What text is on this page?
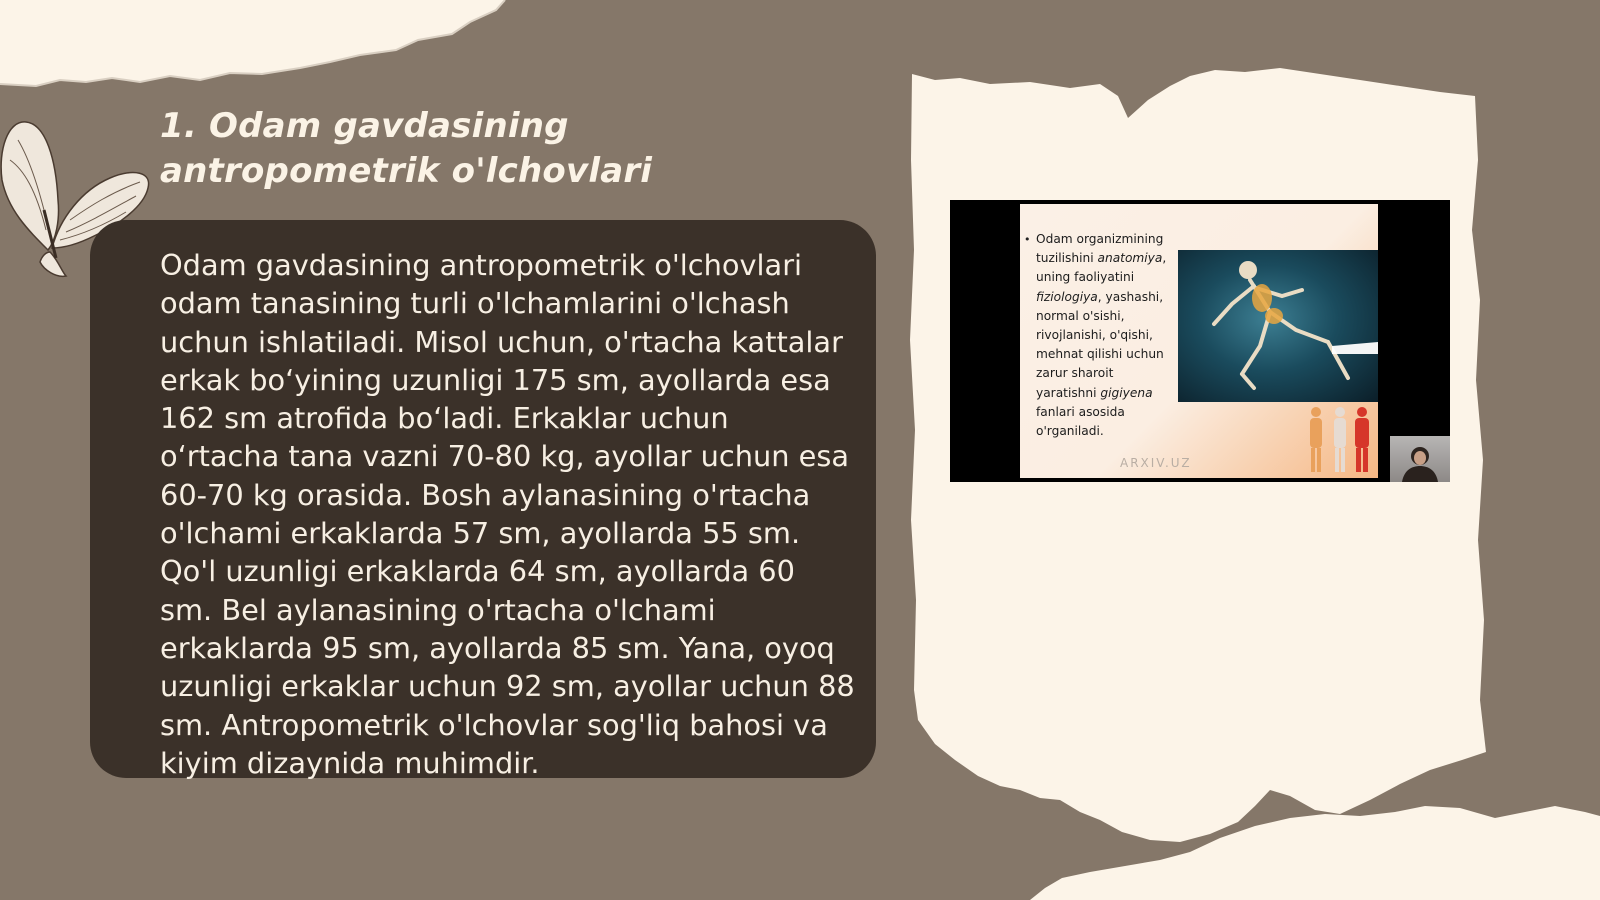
1. Odam gavdasining antropometrik o'lchovlari

Odam gavdasining antropometrik o'lchovlari odam tanasining turli o'lchamlarini o'lchash uchun ishlatiladi. Misol uchun, o'rtacha kattalar erkak bo‘yining uzunligi 175 sm, ayollarda esa 162 sm atrofida bo‘ladi. Erkaklar uchun o‘rtacha tana vazni 70-80 kg, ayollar uchun esa 60-70 kg orasida. Bosh aylanasining o'rtacha o'lchami erkaklarda 57 sm, ayollarda 55 sm. Qo'l uzunligi erkaklarda 64 sm, ayollarda 60 sm. Bel aylanasining o'rtacha o'lchami erkaklarda 95 sm, ayollarda 85 sm. Yana, oyoq uzunligi erkaklar uchun 92 sm, ayollar uchun 88 sm. Antropometrik o'lchovlar sog'liq bahosi va kiyim dizaynida muhimdir.

• Odam organizmining
tuzilishini anatomiya,
uning faoliyatini
fiziologiya, yashashi,
normal o'sishi,
rivojlanishi, o'qishi,
mehnat qilishi uchun
zarur sharoit
yaratishni gigiyena
fanlari asosida
o'rganiladi.
ARXIV.UZ
